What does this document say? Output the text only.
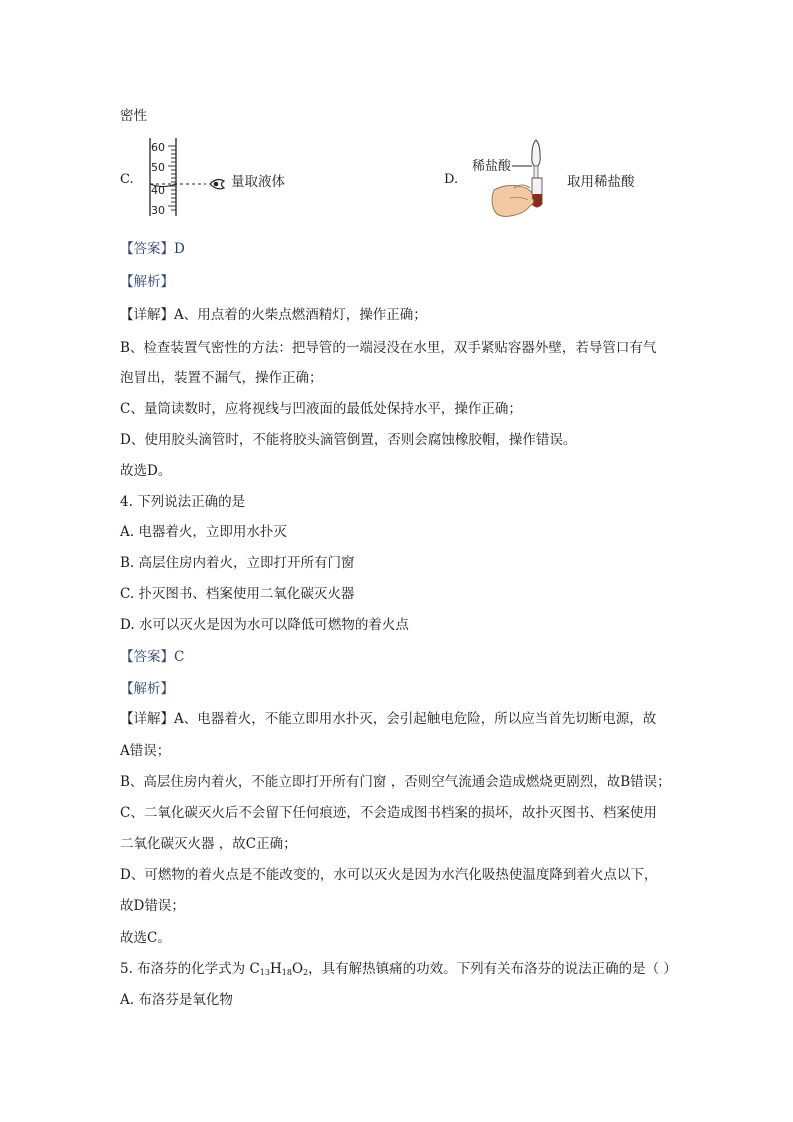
密性
C.
60
50
40
30
量取液体	D.
稀盐酸
取用稀盐酸
【答案】D
【解析】
【详解】A、用点着的火柴点燃酒精灯，操作正确；
B、检查装置气密性的方法：把导管的一端浸没在水里，双手紧贴容器外壁，若导管口有气
泡冒出，装置不漏气，操作正确；
C、量筒读数时，应将视线与凹液面的最低处保持水平，操作正确；
D、使用胶头滴管时，不能将胶头滴管倒置，否则会腐蚀橡胶帽，操作错误。
故选D。
4. 下列说法正确的是
A. 电器着火，立即用水扑灭
B. 高层住房内着火，立即打开所有门窗
C. 扑灭图书、档案使用二氧化碳灭火器
D. 水可以灭火是因为水可以降低可燃物的着火点
【答案】C
【解析】
【详解】A、电器着火，不能立即用水扑灭，会引起触电危险，所以应当首先切断电源，故
A错误；
B、高层住房内着火，不能立即打开所有门窗 ，否则空气流通会造成燃烧更剧烈，故B错误；
C、二氧化碳灭火后不会留下任何痕迹，不会造成图书档案的损坏，故扑灭图书、档案使用
二氧化碳灭火器 ，故C正确；
D、可燃物的着火点是不能改变的，水可以灭火是因为水汽化吸热使温度降到着火点以下，
故D错误；
故选C。
5. 布洛芬的化学式为 $C_{13}H_{18}O_2$，具有解热镇痛的功效。下列有关布洛芬的说法正确的是（ ）
A. 布洛芬是氧化物
